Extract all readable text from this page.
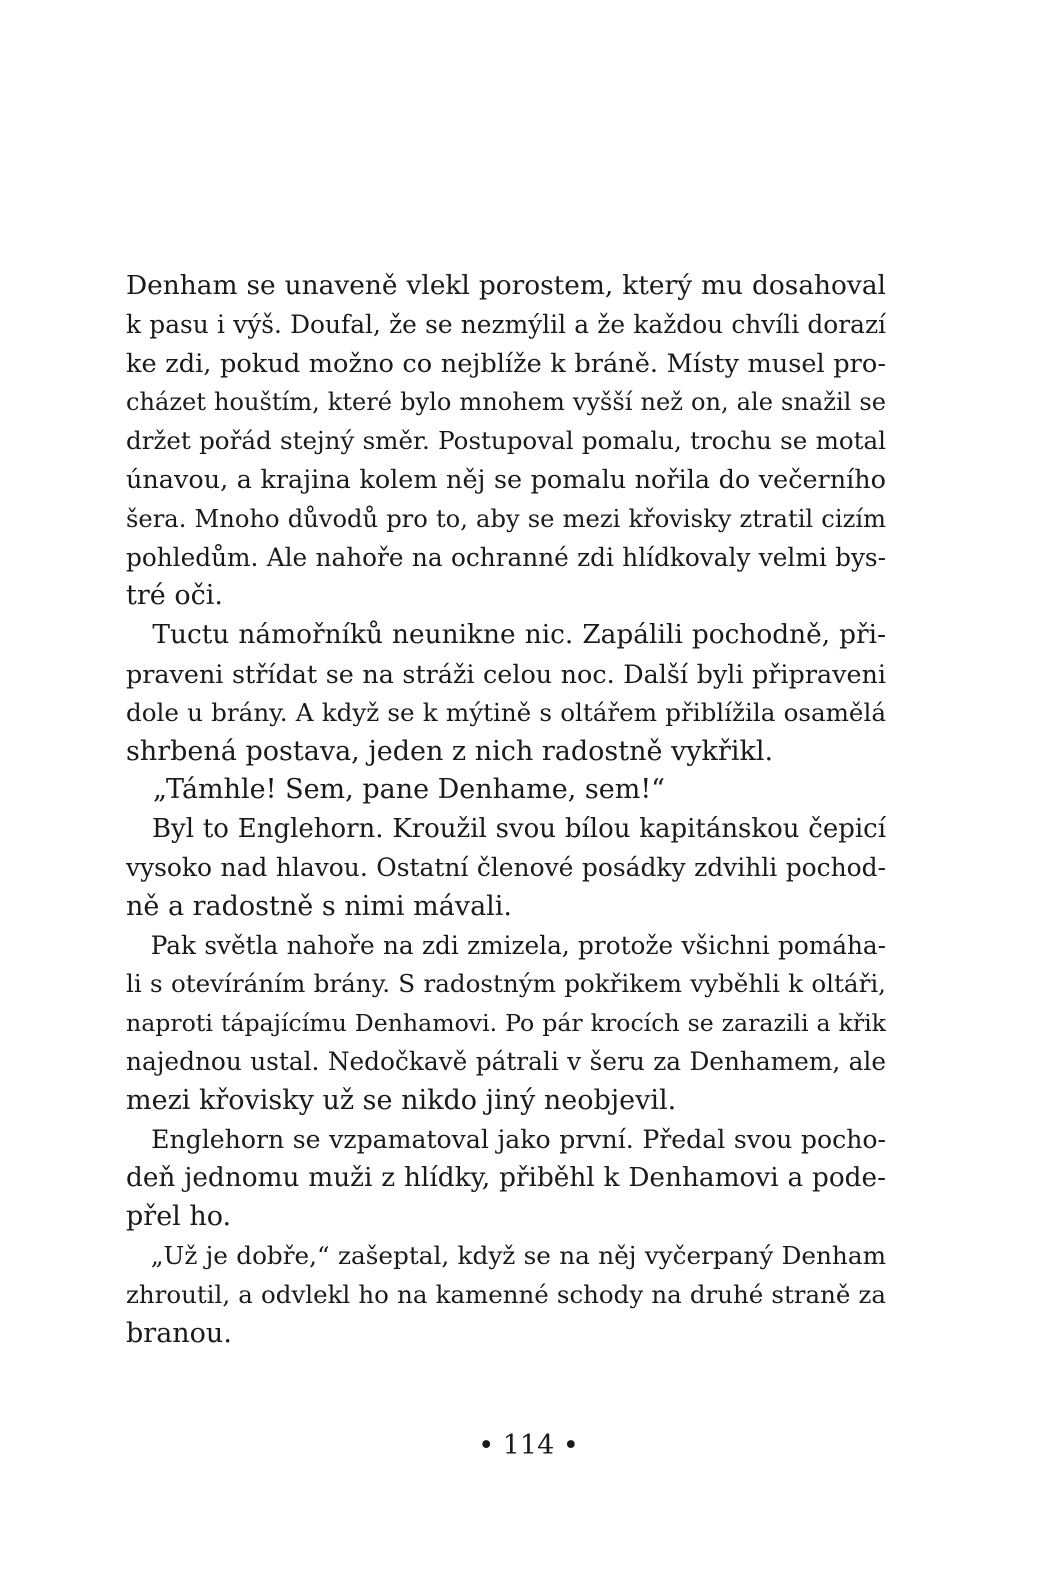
Denham se unaveně vlekl porostem, který mu dosahoval
k pasu i výš. Doufal, že se nezmýlil a že každou chvíli dorazí
ke zdi, pokud možno co nejblíže k bráně. Místy musel pro-
cházet houštím, které bylo mnohem vyšší než on, ale snažil se
držet pořád stejný směr. Postupoval pomalu, trochu se motal
únavou, a krajina kolem něj se pomalu nořila do večerního
šera. Mnoho důvodů pro to, aby se mezi křovisky ztratil cizím
pohledům. Ale nahoře na ochranné zdi hlídkovaly velmi bys-
tré oči.
 Tuctu námořníků neunikne nic. Zapálili pochodně, při-
praveni střídat se na stráži celou noc. Další byli připraveni
dole u brány. A když se k mýtině s oltářem přiblížila osamělá
shrbená postava, jeden z nich radostně vykřikl.
 „Támhle! Sem, pane Denhame, sem!“
 Byl to Englehorn. Kroužil svou bílou kapitánskou čepicí
vysoko nad hlavou. Ostatní členové posádky zdvihli pochod-
ně a radostně s nimi mávali.
 Pak světla nahoře na zdi zmizela, protože všichni pomáha-
li s otevíráním brány. S radostným pokřikem vyběhli k oltáři,
naproti tápajícímu Denhamovi. Po pár krocích se zarazili a křik
najednou ustal. Nedočkavě pátrali v šeru za Denhamem, ale
mezi křovisky už se nikdo jiný neobjevil.
 Englehorn se vzpamatoval jako první. Předal svou pocho-
deň jednomu muži z hlídky, přiběhl k Denhamovi a pode-
přel ho.
 „Už je dobře,“ zašeptal, když se na něj vyčerpaný Denham
zhroutil, a odvlekl ho na kamenné schody na druhé straně za
branou.
• 114 •
